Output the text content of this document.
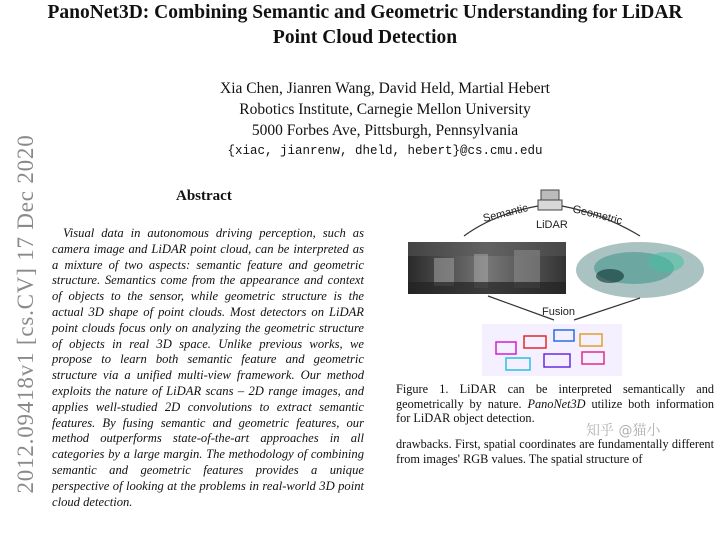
PanoNet3D: Combining Semantic and Geometric Understanding for LiDAR
Point Cloud Detection
Xia Chen, Jianren Wang, David Held, Martial Hebert
Robotics Institute, Carnegie Mellon University
5000 Forbes Ave, Pittsburgh, Pennsylvania
{xiac, jianrenw, dheld, hebert}@cs.cmu.edu
2012.09418v1 [cs.CV] 17 Dec 2020	Abstract
Visual data in autonomous driving perception, such as camera image and LiDAR point cloud, can be interpreted as a mixture of two aspects: semantic feature and geometric structure. Semantics come from the appearance and context of objects to the sensor, while geometric structure is the actual 3D shape of point clouds. Most detectors on LiDAR point clouds focus only on analyzing the geometric structure of objects in real 3D space. Unlike previous works, we propose to learn both semantic feature and geometric structure via a unified multi-view framework. Our method exploits the nature of LiDAR scans – 2D range images, and applies well-studied 2D convolutions to extract semantic features. By fusing semantic and geometric features, our method outperforms state-of-the-art approaches in all categories by a large margin. The methodology of combining semantic and geometric features provides a unique perspective of looking at the problems in real-world 3D point cloud detection.
LiDAR
Semantic	Geometric
Fusion
Figure 1. LiDAR can be interpreted semantically and geometrically by nature. PanoNet3D utilize both information for LiDAR object detection.
drawbacks. First, spatial coordinates are fundamentally different from images' RGB values. The spatial structure of
知乎 @猫小
